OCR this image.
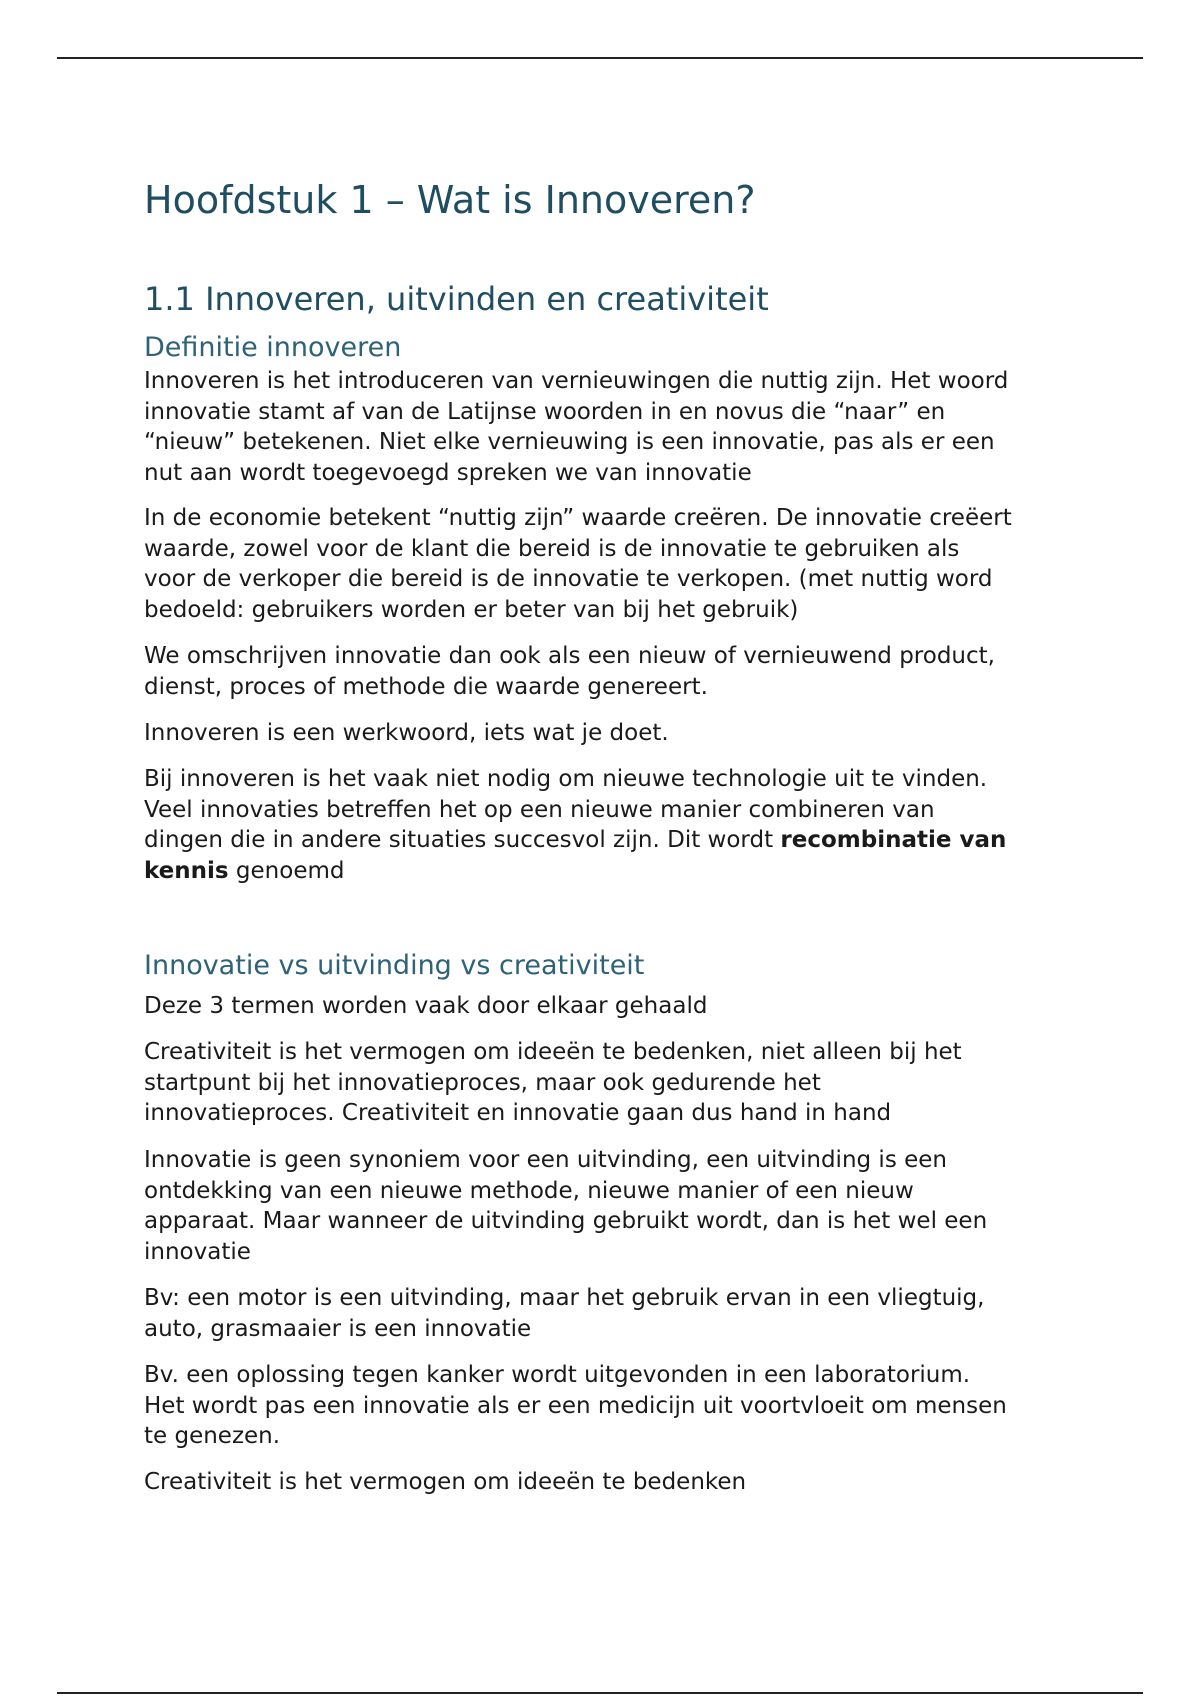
Hoofdstuk 1 – Wat is Innoveren?
1.1 Innoveren, uitvinden en creativiteit
Definitie innoveren

Innoveren is het introduceren van vernieuwingen die nuttig zijn. Het woord
innovatie stamt af van de Latijnse woorden in en novus die “naar” en
“nieuw” betekenen. Niet elke vernieuwing is een innovatie, pas als er een
nut aan wordt toegevoegd spreken we van innovatie

In de economie betekent “nuttig zijn” waarde creëren. De innovatie creëert
waarde, zowel voor de klant die bereid is de innovatie te gebruiken als
voor de verkoper die bereid is de innovatie te verkopen. (met nuttig word
bedoeld: gebruikers worden er beter van bij het gebruik)

We omschrijven innovatie dan ook als een nieuw of vernieuwend product,
dienst, proces of methode die waarde genereert.

Innoveren is een werkwoord, iets wat je doet.

Bij innoveren is het vaak niet nodig om nieuwe technologie uit te vinden.
Veel innovaties betreffen het op een nieuwe manier combineren van
dingen die in andere situaties succesvol zijn. Dit wordt recombinatie van
kennis genoemd

Innovatie vs uitvinding vs creativiteit

Deze 3 termen worden vaak door elkaar gehaald

Creativiteit is het vermogen om ideeën te bedenken, niet alleen bij het
startpunt bij het innovatieproces, maar ook gedurende het
innovatieproces. Creativiteit en innovatie gaan dus hand in hand

Innovatie is geen synoniem voor een uitvinding, een uitvinding is een
ontdekking van een nieuwe methode, nieuwe manier of een nieuw
apparaat. Maar wanneer de uitvinding gebruikt wordt, dan is het wel een
innovatie

Bv: een motor is een uitvinding, maar het gebruik ervan in een vliegtuig,
auto, grasmaaier is een innovatie

Bv. een oplossing tegen kanker wordt uitgevonden in een laboratorium.
Het wordt pas een innovatie als er een medicijn uit voortvloeit om mensen
te genezen.

Creativiteit is het vermogen om ideeën te bedenken
